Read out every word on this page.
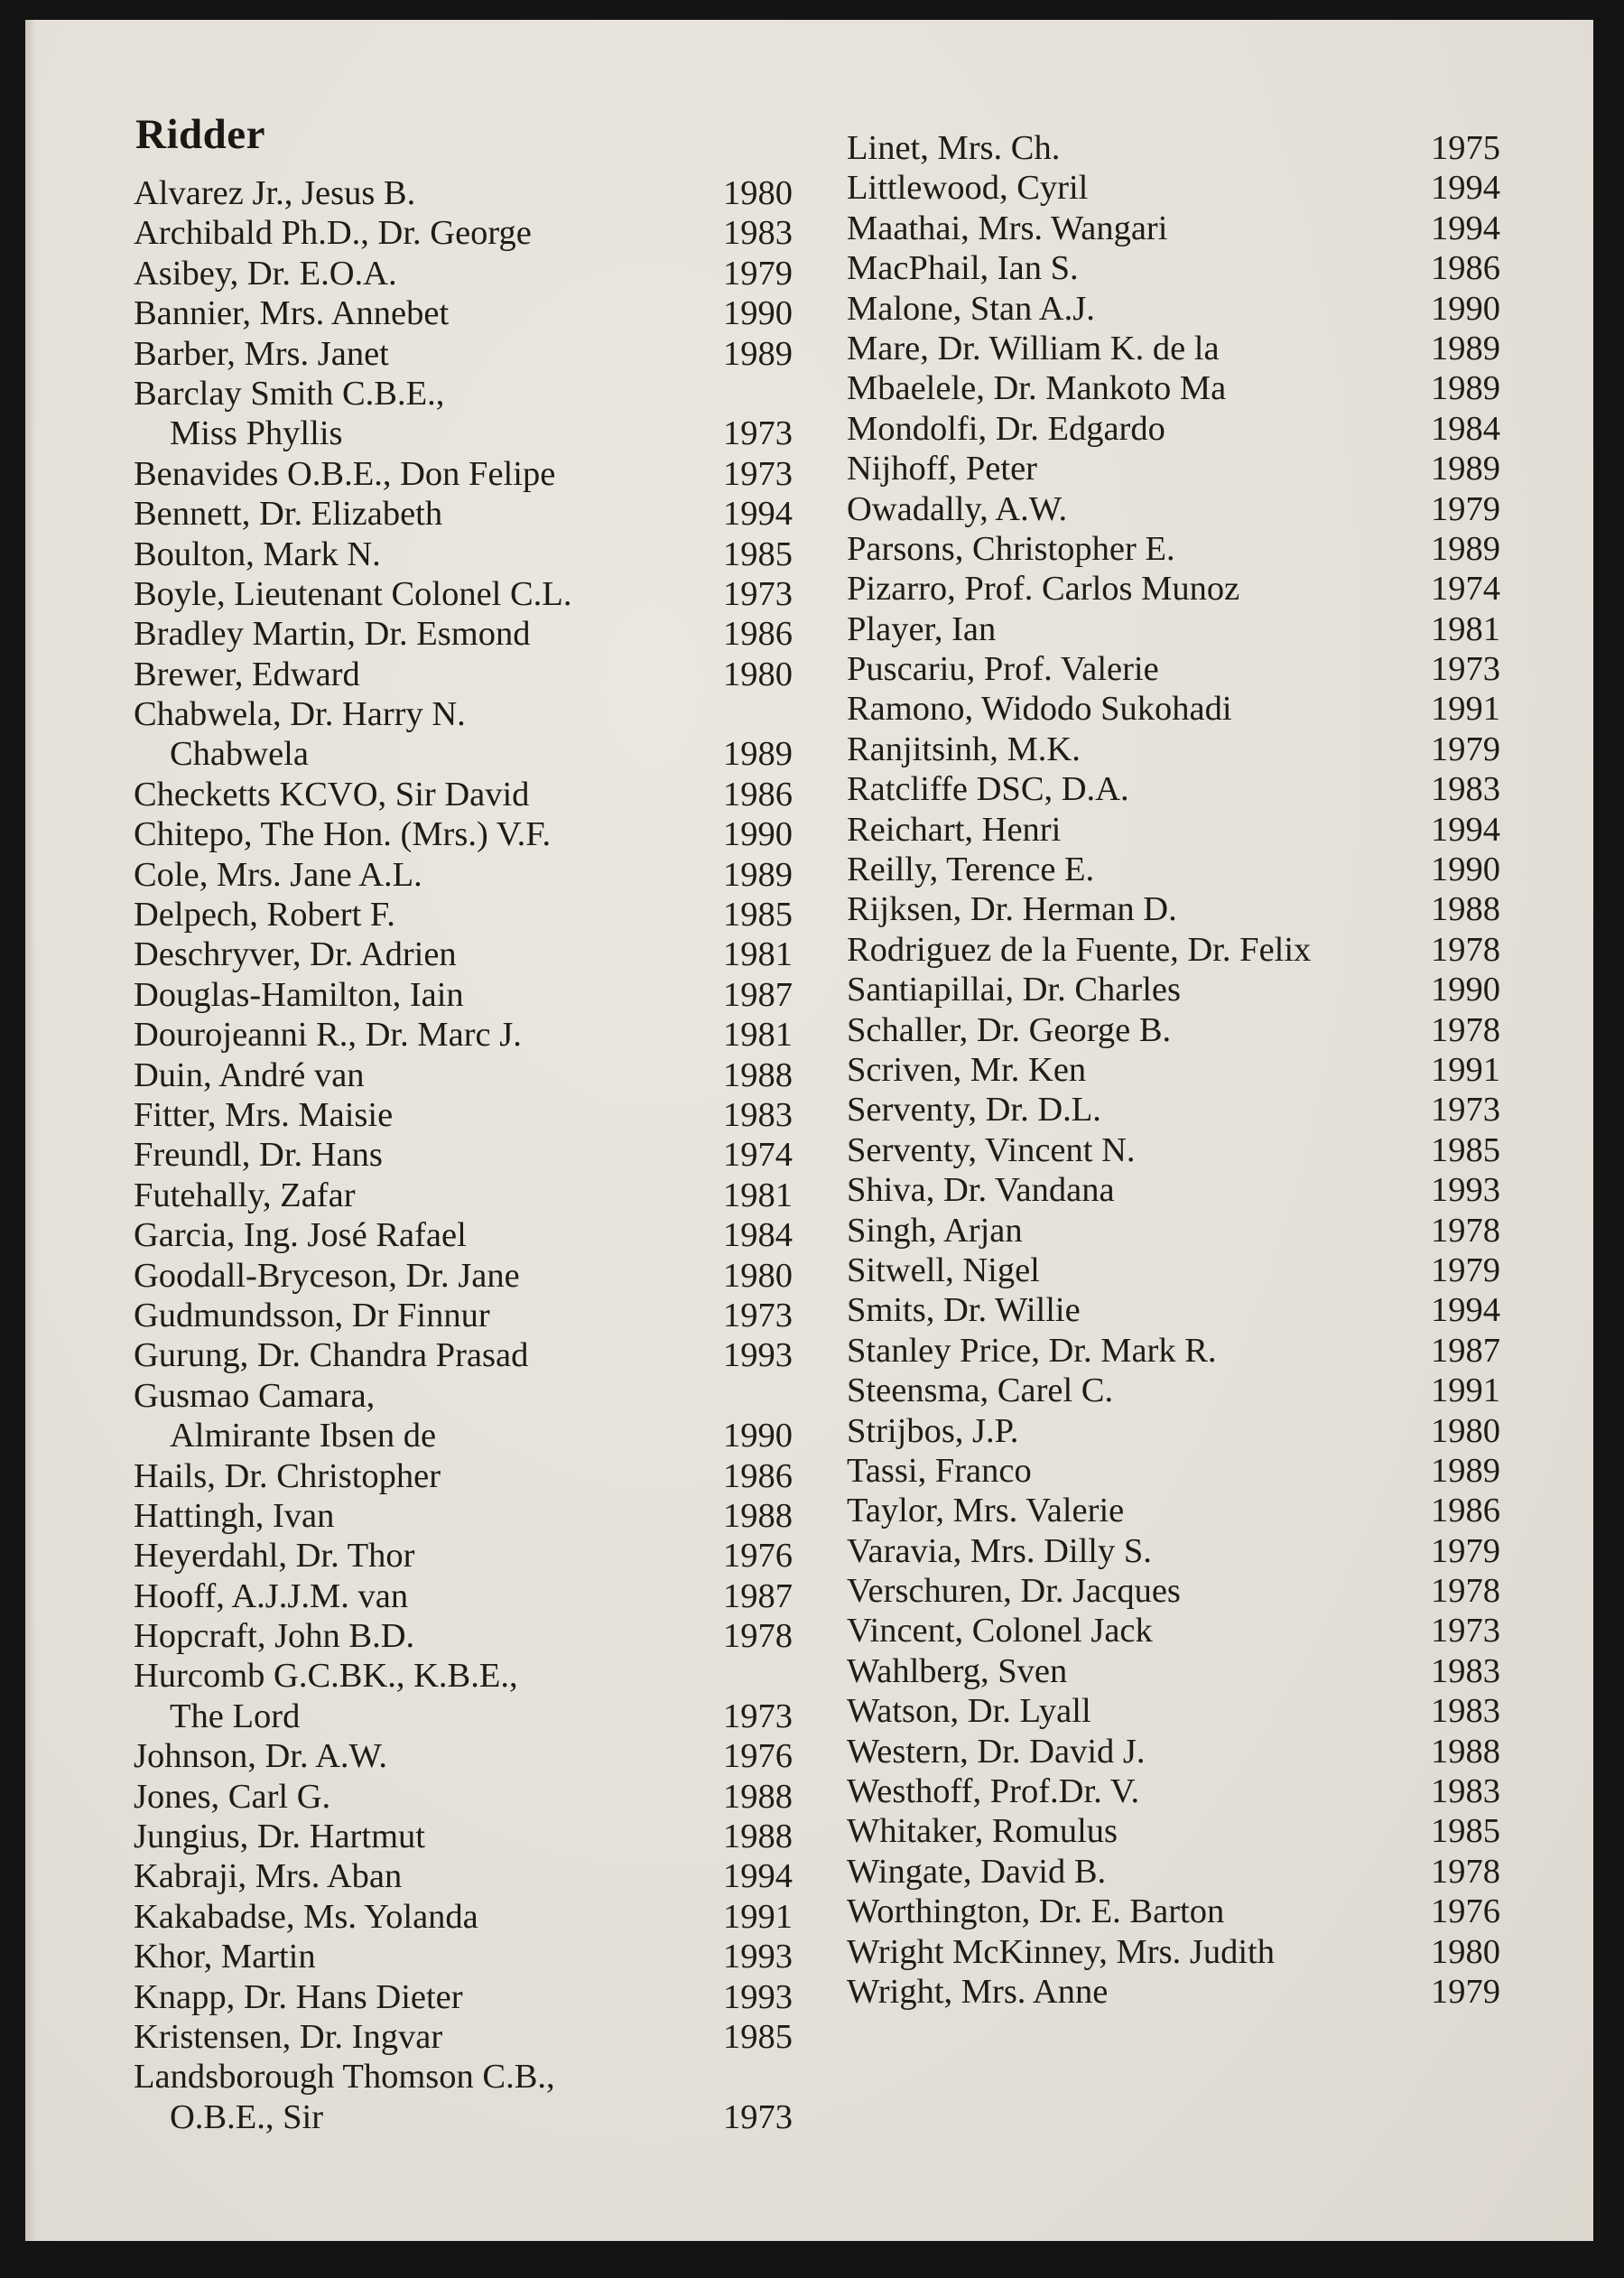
Ridder
Alvarez Jr., Jesus B.	1980
Archibald Ph.D., Dr. George	1983
Asibey, Dr. E.O.A.	1979
Bannier, Mrs. Annebet	1990
Barber, Mrs. Janet	1989
Barclay Smith C.B.E.,
Miss Phyllis	1973
Benavides O.B.E., Don Felipe	1973
Bennett, Dr. Elizabeth	1994
Boulton, Mark N.	1985
Boyle, Lieutenant Colonel C.L.	1973
Bradley Martin, Dr. Esmond	1986
Brewer, Edward	1980
Chabwela, Dr. Harry N.
Chabwela	1989
Checketts KCVO, Sir David	1986
Chitepo, The Hon. (Mrs.) V.F.	1990
Cole, Mrs. Jane A.L.	1989
Delpech, Robert F.	1985
Deschryver, Dr. Adrien	1981
Douglas-Hamilton, Iain	1987
Dourojeanni R., Dr. Marc J.	1981
Duin, André van	1988
Fitter, Mrs. Maisie	1983
Freundl, Dr. Hans	1974
Futehally, Zafar	1981
Garcia, Ing. José Rafael	1984
Goodall-Bryceson, Dr. Jane	1980
Gudmundsson, Dr Finnur	1973
Gurung, Dr. Chandra Prasad	1993
Gusmao Camara,
Almirante Ibsen de	1990
Hails, Dr. Christopher	1986
Hattingh, Ivan	1988
Heyerdahl, Dr. Thor	1976
Hooff, A.J.J.M. van	1987
Hopcraft, John B.D.	1978
Hurcomb G.C.BK., K.B.E.,
The Lord	1973
Johnson, Dr. A.W.	1976
Jones, Carl G.	1988
Jungius, Dr. Hartmut	1988
Kabraji, Mrs. Aban	1994
Kakabadse, Ms. Yolanda	1991
Khor, Martin	1993
Knapp, Dr. Hans Dieter	1993
Kristensen, Dr. Ingvar	1985
Landsborough Thomson C.B.,
O.B.E., Sir	1973
Linet, Mrs. Ch.	1975
Littlewood, Cyril	1994
Maathai, Mrs. Wangari	1994
MacPhail, Ian S.	1986
Malone, Stan A.J.	1990
Mare, Dr. William K. de la	1989
Mbaelele, Dr. Mankoto Ma	1989
Mondolfi, Dr. Edgardo	1984
Nijhoff, Peter	1989
Owadally, A.W.	1979
Parsons, Christopher E.	1989
Pizarro, Prof. Carlos Munoz	1974
Player, Ian	1981
Puscariu, Prof. Valerie	1973
Ramono, Widodo Sukohadi	1991
Ranjitsinh, M.K.	1979
Ratcliffe DSC, D.A.	1983
Reichart, Henri	1994
Reilly, Terence E.	1990
Rijksen, Dr. Herman D.	1988
Rodriguez de la Fuente, Dr. Felix	1978
Santiapillai, Dr. Charles	1990
Schaller, Dr. George B.	1978
Scriven, Mr. Ken	1991
Serventy, Dr. D.L.	1973
Serventy, Vincent N.	1985
Shiva, Dr. Vandana	1993
Singh, Arjan	1978
Sitwell, Nigel	1979
Smits, Dr. Willie	1994
Stanley Price, Dr. Mark R.	1987
Steensma, Carel C.	1991
Strijbos, J.P.	1980
Tassi, Franco	1989
Taylor, Mrs. Valerie	1986
Varavia, Mrs. Dilly S.	1979
Verschuren, Dr. Jacques	1978
Vincent, Colonel Jack	1973
Wahlberg, Sven	1983
Watson, Dr. Lyall	1983
Western, Dr. David J.	1988
Westhoff, Prof.Dr. V.	1983
Whitaker, Romulus	1985
Wingate, David B.	1978
Worthington, Dr. E. Barton	1976
Wright McKinney, Mrs. Judith	1980
Wright, Mrs. Anne	1979
